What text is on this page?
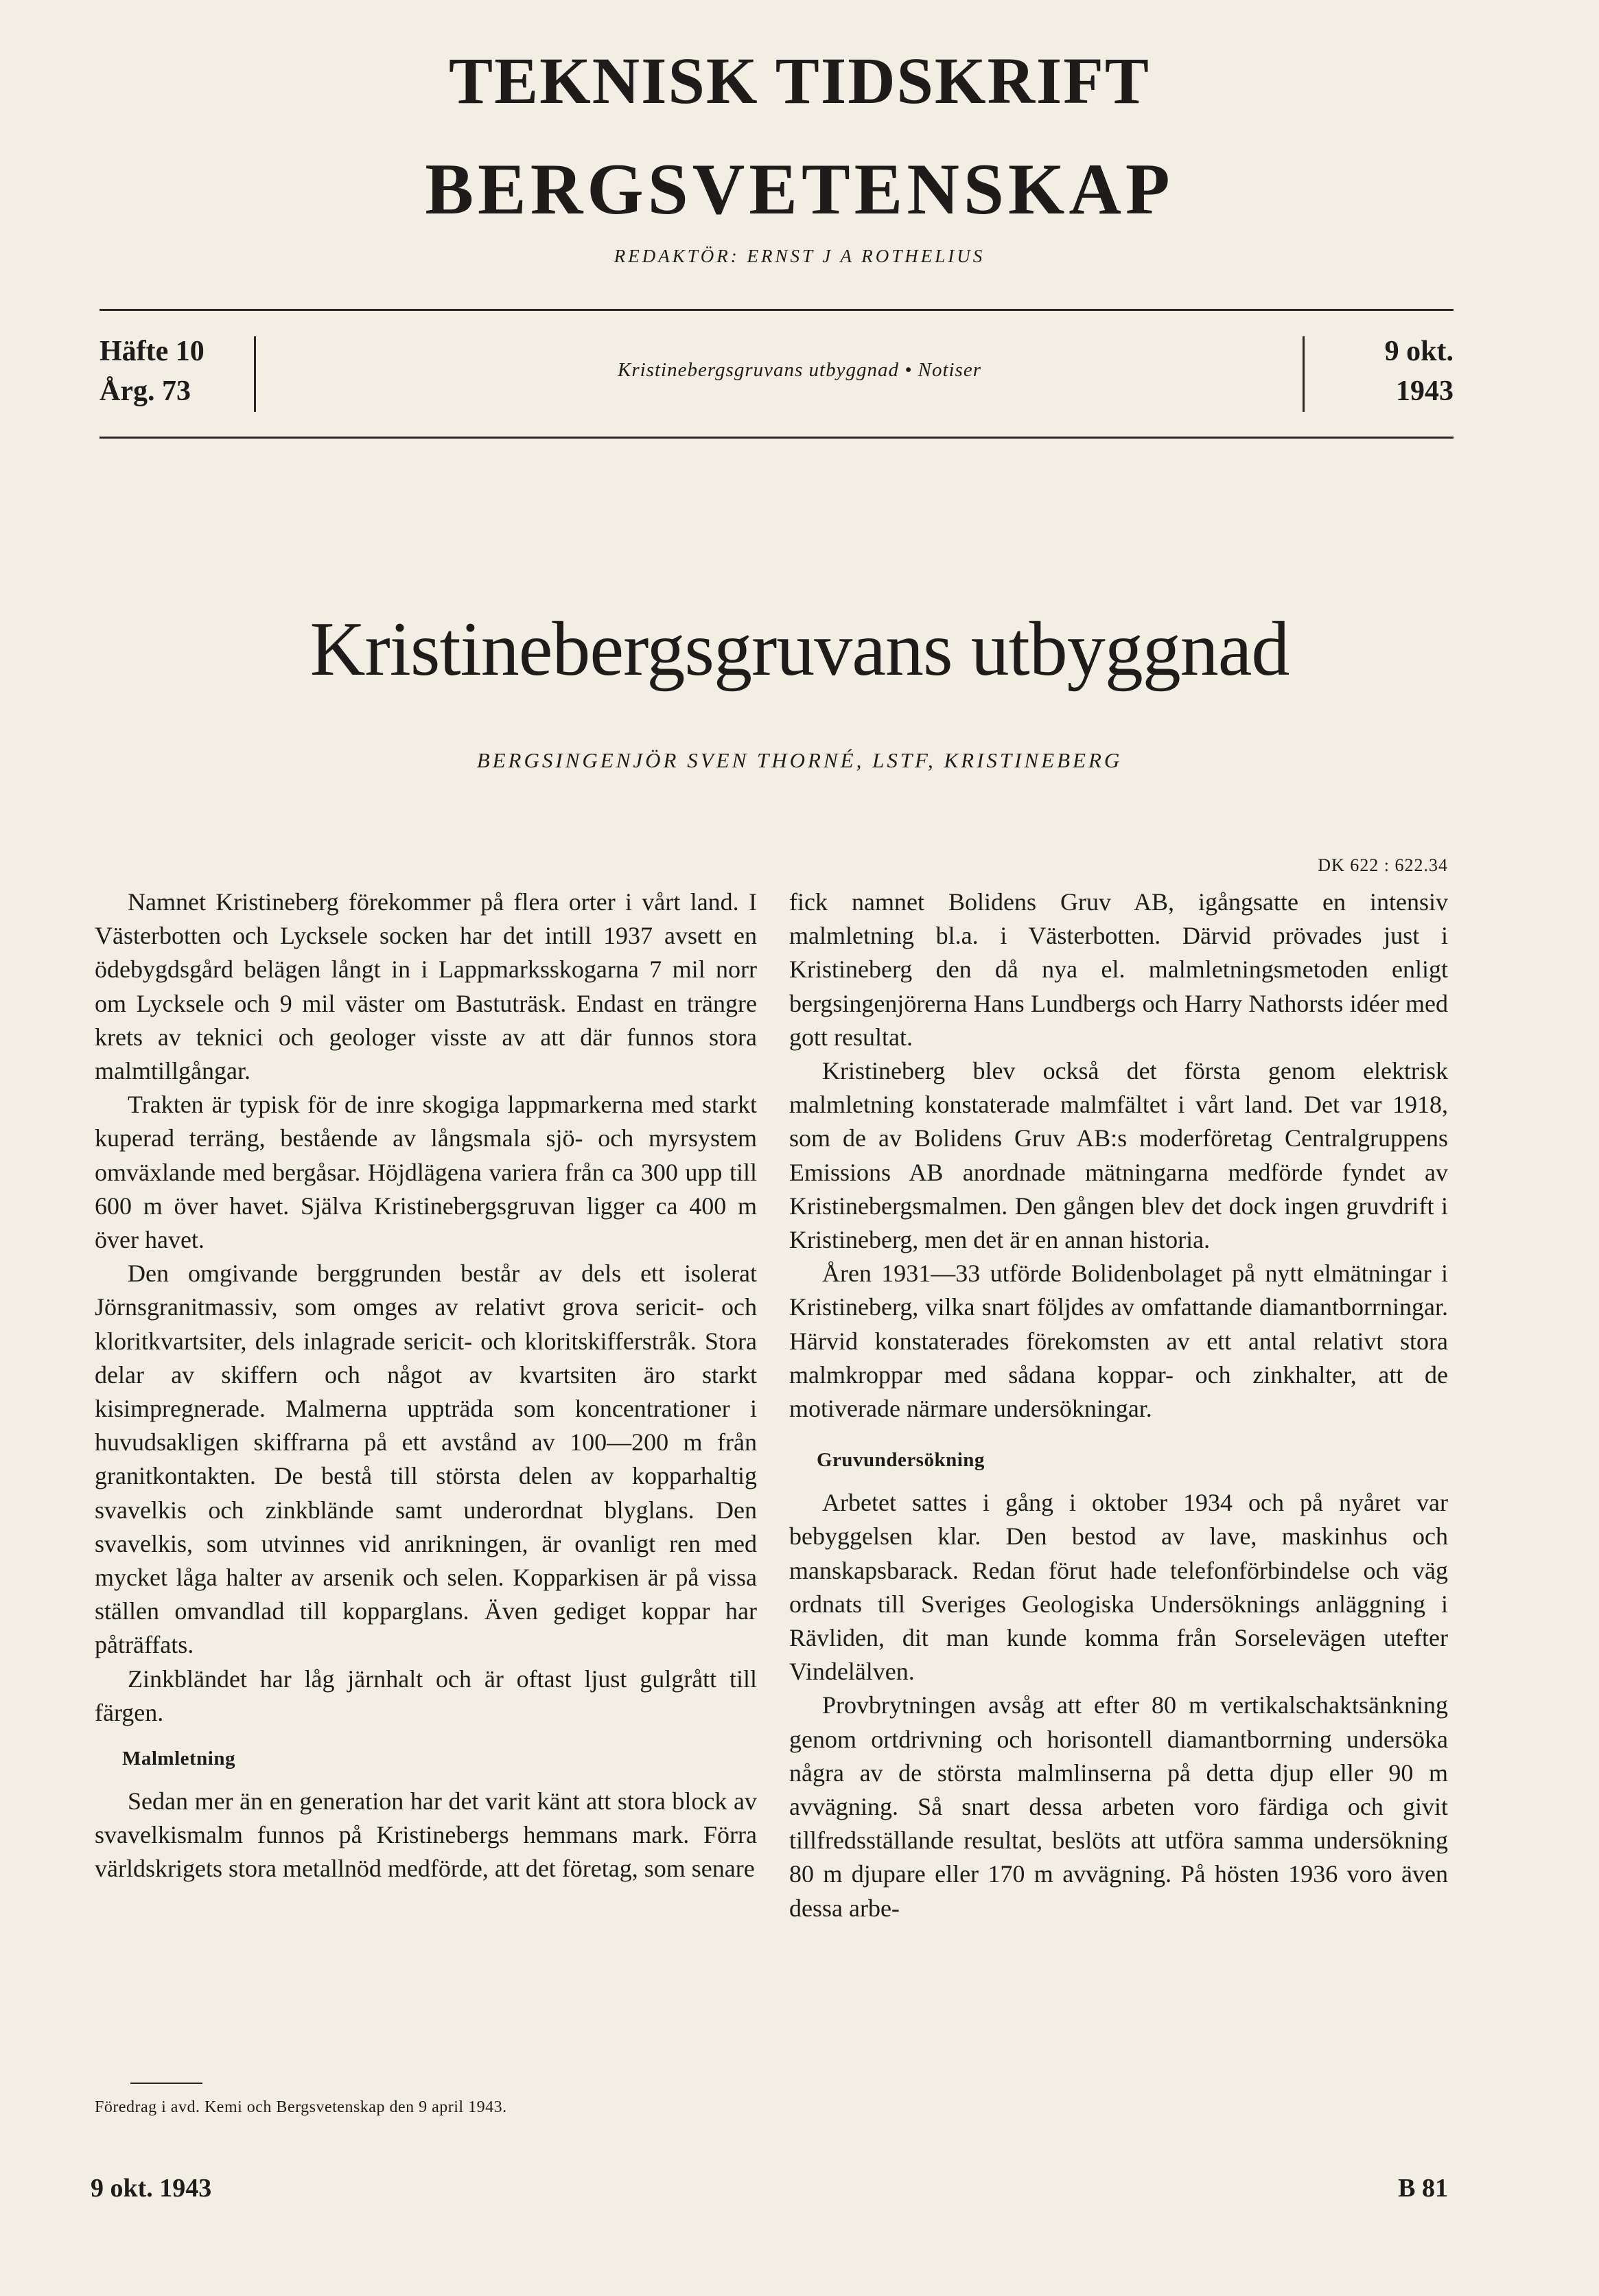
TEKNISK TIDSKRIFT
BERGSVETENSKAP
REDAKTÖR: ERNST J A ROTHELIUS
Häfte 10
Årg. 73
Kristinebergsgruvans utbyggnad • Notiser
9 okt.
1943
Kristinebergsgruvans utbyggnad
BERGSINGENJÖR SVEN THORNÉ, LSTF, KRISTINEBERG
DK 622 : 622.34

Namnet Kristineberg förekommer på flera orter i vårt land. I Västerbotten och Lycksele socken har det intill 1937 avsett en ödebygdsgård belägen långt in i Lappmarksskogarna 7 mil norr om Lycksele och 9 mil väster om Bastuträsk. Endast en trängre krets av teknici och geologer visste av att där funnos stora malmtillgångar.

Trakten är typisk för de inre skogiga lappmarkerna med starkt kuperad terräng, bestående av långsmala sjö- och myrsystem omväxlande med bergåsar. Höjdlägena variera från ca 300 upp till 600 m över havet. Själva Kristinebergsgruvan ligger ca 400 m över havet.

Den omgivande berggrunden består av dels ett isolerat Jörnsgranitmassiv, som omges av relativt grova sericit- och kloritkvartsiter, dels inlagrade sericit- och kloritskifferstråk. Stora delar av skiffern och något av kvartsiten äro starkt kisimpregnerade. Malmerna uppträda som koncentrationer i huvudsakligen skiffrarna på ett avstånd av 100—200 m från granitkontakten. De bestå till största delen av kopparhaltig svavelkis och zinkblände samt underordnat blyglans. Den svavelkis, som utvinnes vid anrikningen, är ovanligt ren med mycket låga halter av arsenik och selen. Kopparkisen är på vissa ställen omvandlad till kopparglans. Även gediget koppar har påträffats.

Zinkbländet har låg järnhalt och är oftast ljust gulgrått till färgen.

Malmletning

Sedan mer än en generation har det varit känt att stora block av svavelkismalm funnos på Kristinebergs hemmans mark. Förra världskrigets stora metallnöd medförde, att det företag, som senare

fick namnet Bolidens Gruv AB, igångsatte en intensiv malmletning bl.a. i Västerbotten. Därvid prövades just i Kristineberg den då nya el. malmletningsmetoden enligt bergsingenjörerna Hans Lundbergs och Harry Nathorsts idéer med gott resultat.

Kristineberg blev också det första genom elektrisk malmletning konstaterade malmfältet i vårt land. Det var 1918, som de av Bolidens Gruv AB:s moderföretag Centralgruppens Emissions AB anordnade mätningarna medförde fyndet av Kristinebergsmalmen. Den gången blev det dock ingen gruvdrift i Kristineberg, men det är en annan historia.

Åren 1931—33 utförde Bolidenbolaget på nytt elmätningar i Kristineberg, vilka snart följdes av omfattande diamantborrningar. Härvid konstaterades förekomsten av ett antal relativt stora malmkroppar med sådana koppar- och zinkhalter, att de motiverade närmare undersökningar.

Gruvundersökning

Arbetet sattes i gång i oktober 1934 och på nyåret var bebyggelsen klar. Den bestod av lave, maskinhus och manskapsbarack. Redan förut hade telefonförbindelse och väg ordnats till Sveriges Geologiska Undersöknings anläggning i Rävliden, dit man kunde komma från Sorselevägen utefter Vindelälven.

Provbrytningen avsåg att efter 80 m vertikalschaktsänkning genom ortdrivning och horisontell diamantborrning undersöka några av de största malmlinserna på detta djup eller 90 m avvägning. Så snart dessa arbeten voro färdiga och givit tillfredsställande resultat, beslöts att utföra samma undersökning 80 m djupare eller 170 m avvägning. På hösten 1936 voro även dessa arbe-

Föredrag i avd. Kemi och Bergsvetenskap den 9 april 1943.
9 okt. 1943	B 81
